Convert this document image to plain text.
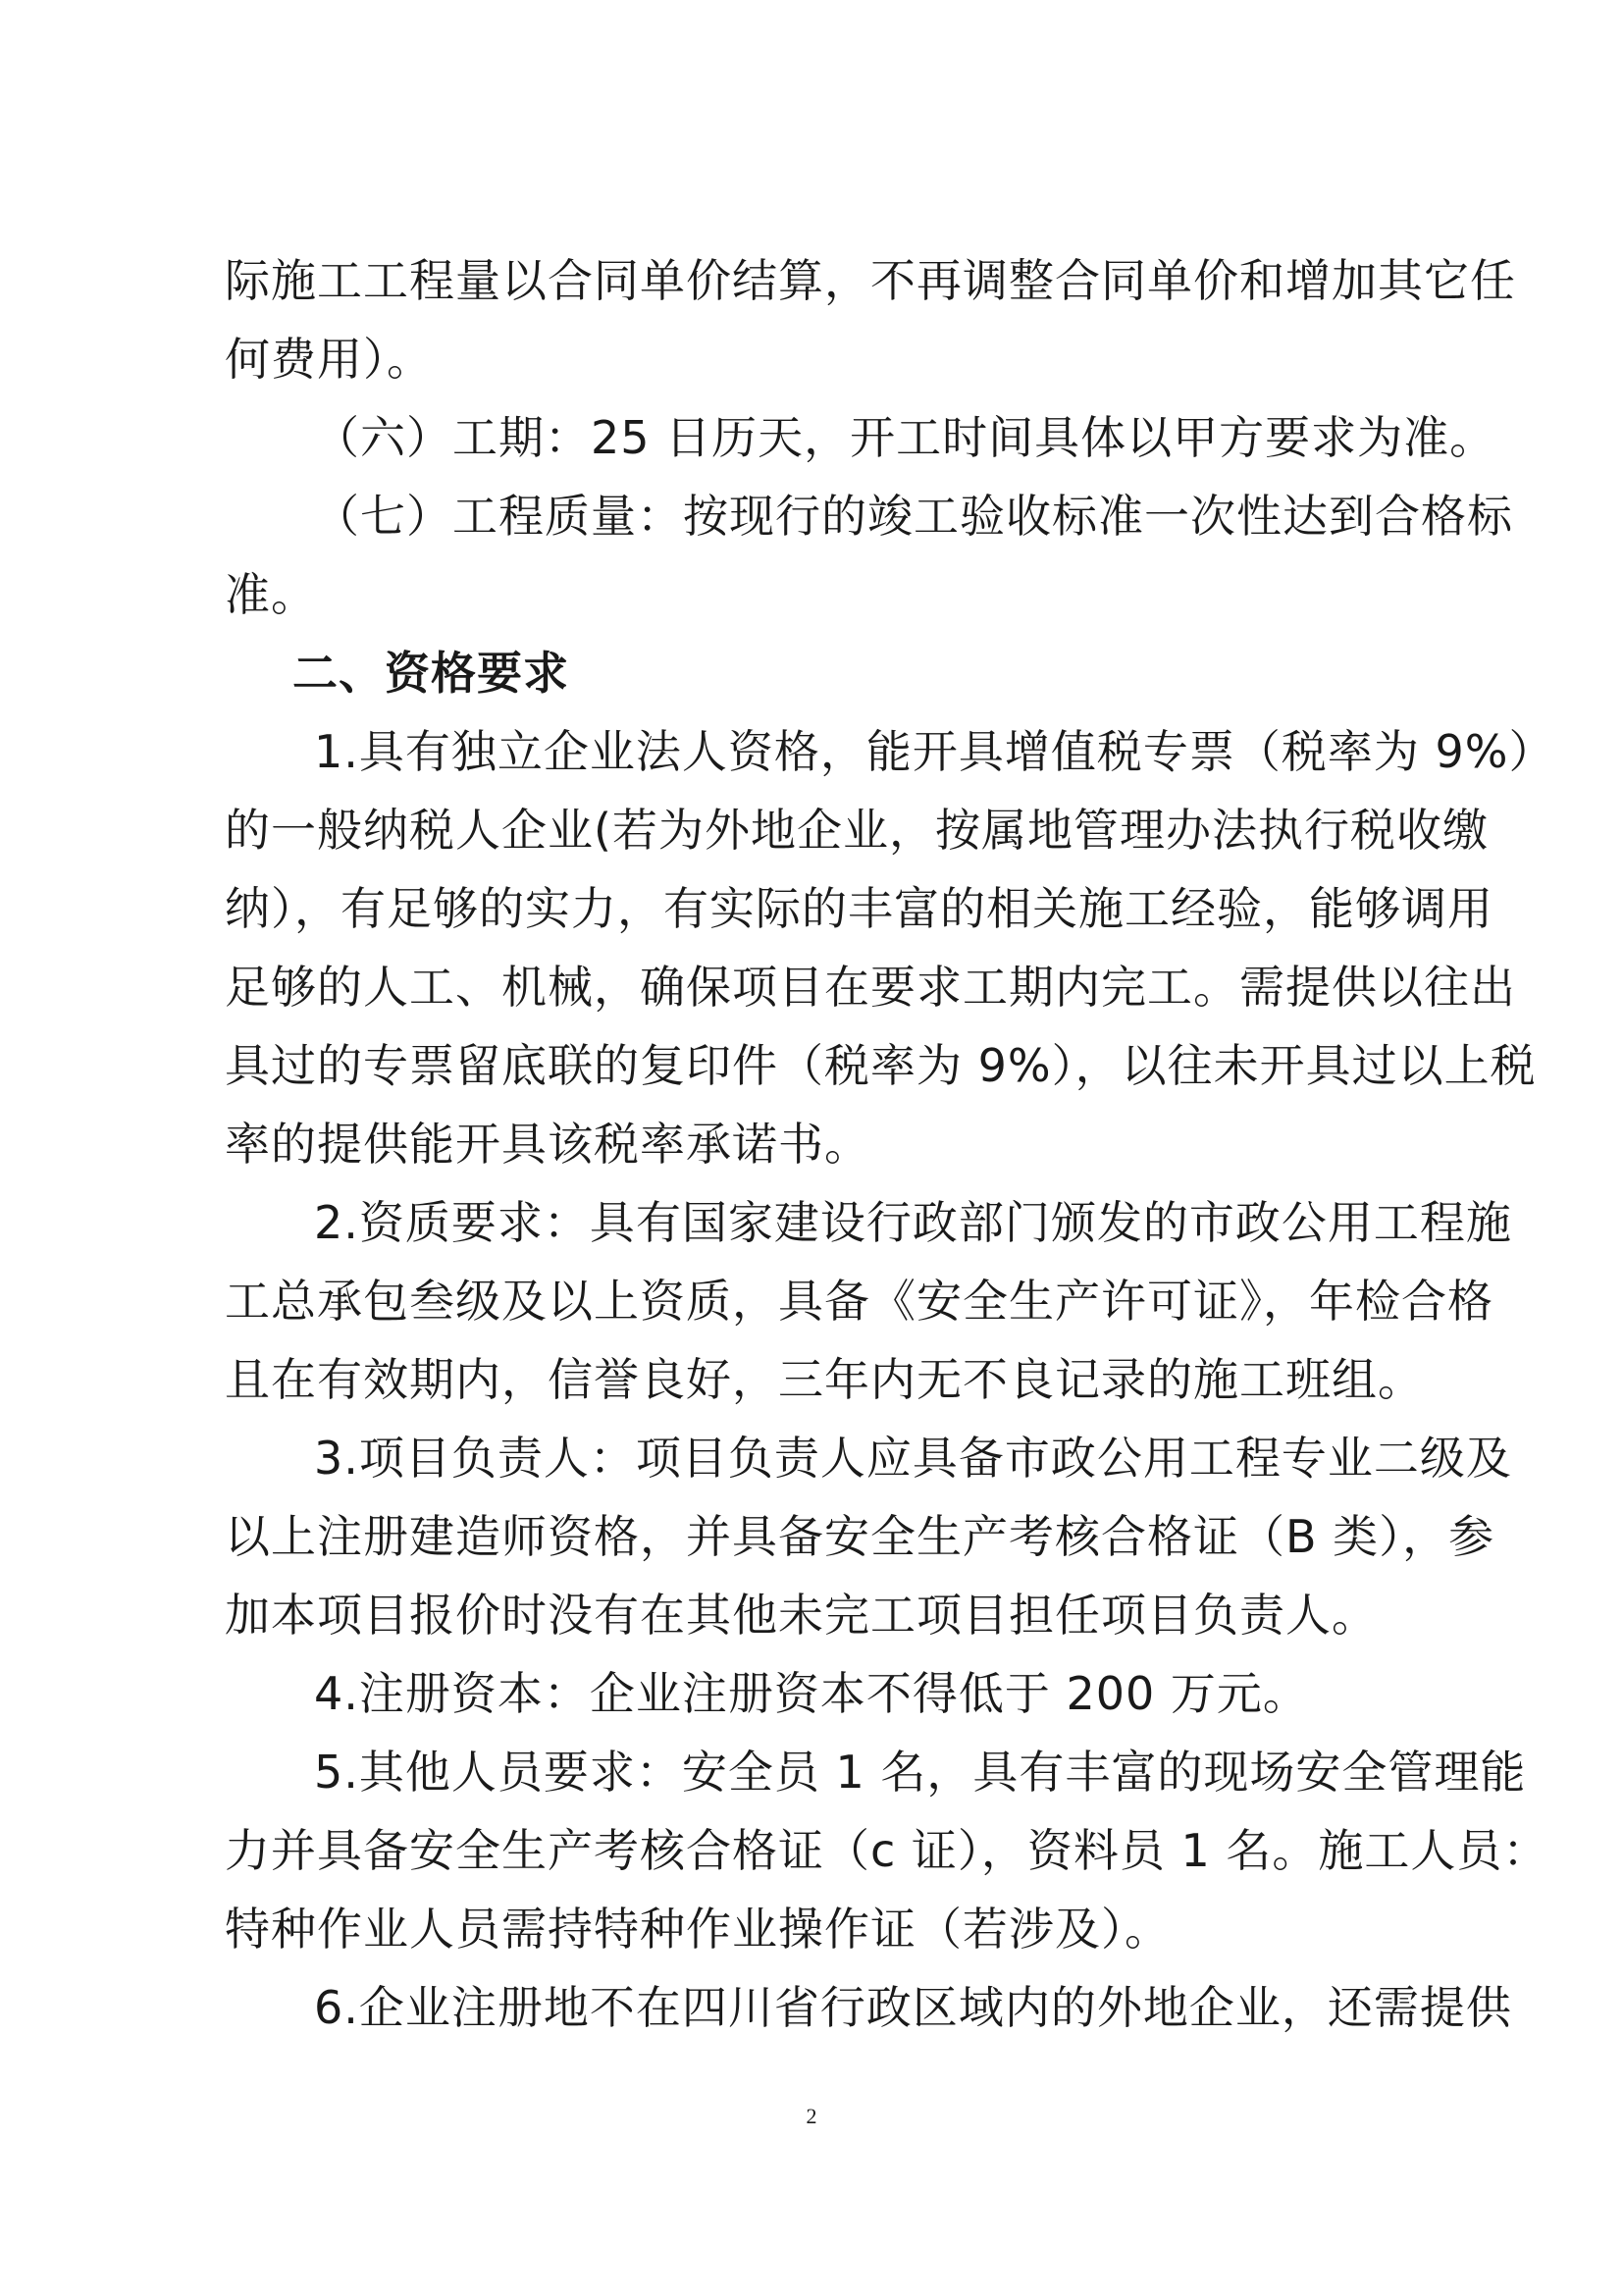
际施工工程量以合同单价结算，不再调整合同单价和增加其它任
何费用）。
（六）工期：25 日历天，开工时间具体以甲方要求为准。
（七）工程质量：按现行的竣工验收标准一次性达到合格标
准。
二、资格要求
1.具有独立企业法人资格，能开具增值税专票（税率为 9%）
的一般纳税人企业(若为外地企业，按属地管理办法执行税收缴
纳），有足够的实力，有实际的丰富的相关施工经验，能够调用
足够的人工、机械，确保项目在要求工期内完工。需提供以往出
具过的专票留底联的复印件（税率为 9%），以往未开具过以上税
率的提供能开具该税率承诺书。
2.资质要求：具有国家建设行政部门颁发的市政公用工程施
工总承包叁级及以上资质，具备《安全生产许可证》，年检合格
且在有效期内，信誉良好，三年内无不良记录的施工班组。
3.项目负责人：项目负责人应具备市政公用工程专业二级及
以上注册建造师资格，并具备安全生产考核合格证（B 类），参
加本项目报价时没有在其他未完工项目担任项目负责人。
4.注册资本：企业注册资本不得低于 200 万元。
5.其他人员要求：安全员 1 名，具有丰富的现场安全管理能
力并具备安全生产考核合格证（c 证），资料员 1 名。施工人员：
特种作业人员需持特种作业操作证（若涉及）。
6.企业注册地不在四川省行政区域内的外地企业，还需提供
2
